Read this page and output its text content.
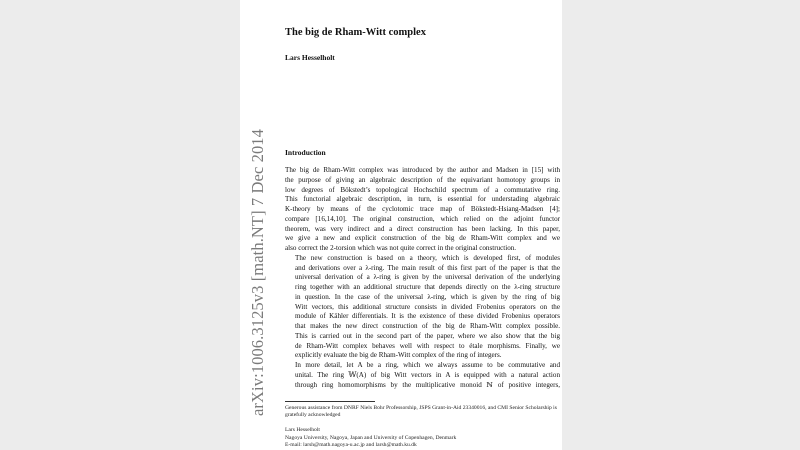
arXiv:1006.3125v3 [math.NT] 7 Dec 2014
The big de Rham-Witt complex
Lars Hesselholt
Introduction

The big de Rham-Witt complex was introduced by the author and Madsen in [15] with
the purpose of giving an algebraic description of the equivariant homotopy groups in
low degrees of Bökstedt’s topological Hochschild spectrum of a commutative ring.
This functorial algebraic description, in turn, is essential for understading algebraic
K-theory by means of the cyclotomic trace map of Bökstedt-Hsiang-Madsen [4];
compare [16,14,10]. The original construction, which relied on the adjoint functor
theorem, was very indirect and a direct construction has been lacking. In this paper,
we give a new and explicit construction of the big de Rham-Witt complex and we
also correct the 2-torsion which was not quite correct in the original construction.

The new construction is based on a theory, which is developed first, of modules
and derivations over a λ-ring. The main result of this first part of the paper is that the
universal derivation of a λ-ring is given by the universal derivation of the underlying
ring together with an additional structure that depends directly on the λ-ring structure
in question. In the case of the universal λ-ring, which is given by the ring of big
Witt vectors, this additional structure consists in divided Frobenius operators on the
module of Kähler differentials. It is the existence of these divided Frobenius operators
that makes the new direct construction of the big de Rham-Witt complex possible.
This is carried out in the second part of the paper, where we also show that the big
de Rham-Witt complex behaves well with respect to étale morphisms. Finally, we
explicitly evaluate the big de Rham-Witt complex of the ring of integers.

In more detail, let A be a ring, which we always assume to be commutative and
unital. The ring 𝕎(A) of big Witt vectors in A is equipped with a natural action
through ring homomorphisms by the multiplicative monoid ℕ of positive integers,

Generous assistance from DNRF Niels Bohr Professorship, JSPS Grant-in-Aid 23340016, and CMI Senior Scholarship is gratefully acknowledged
Lars Hesselholt
Nagoya University, Nagoya, Japan and University of Copenhagen, Denmark
E-mail: larsh@math.nagoya-u.ac.jp and larsh@math.ku.dk
